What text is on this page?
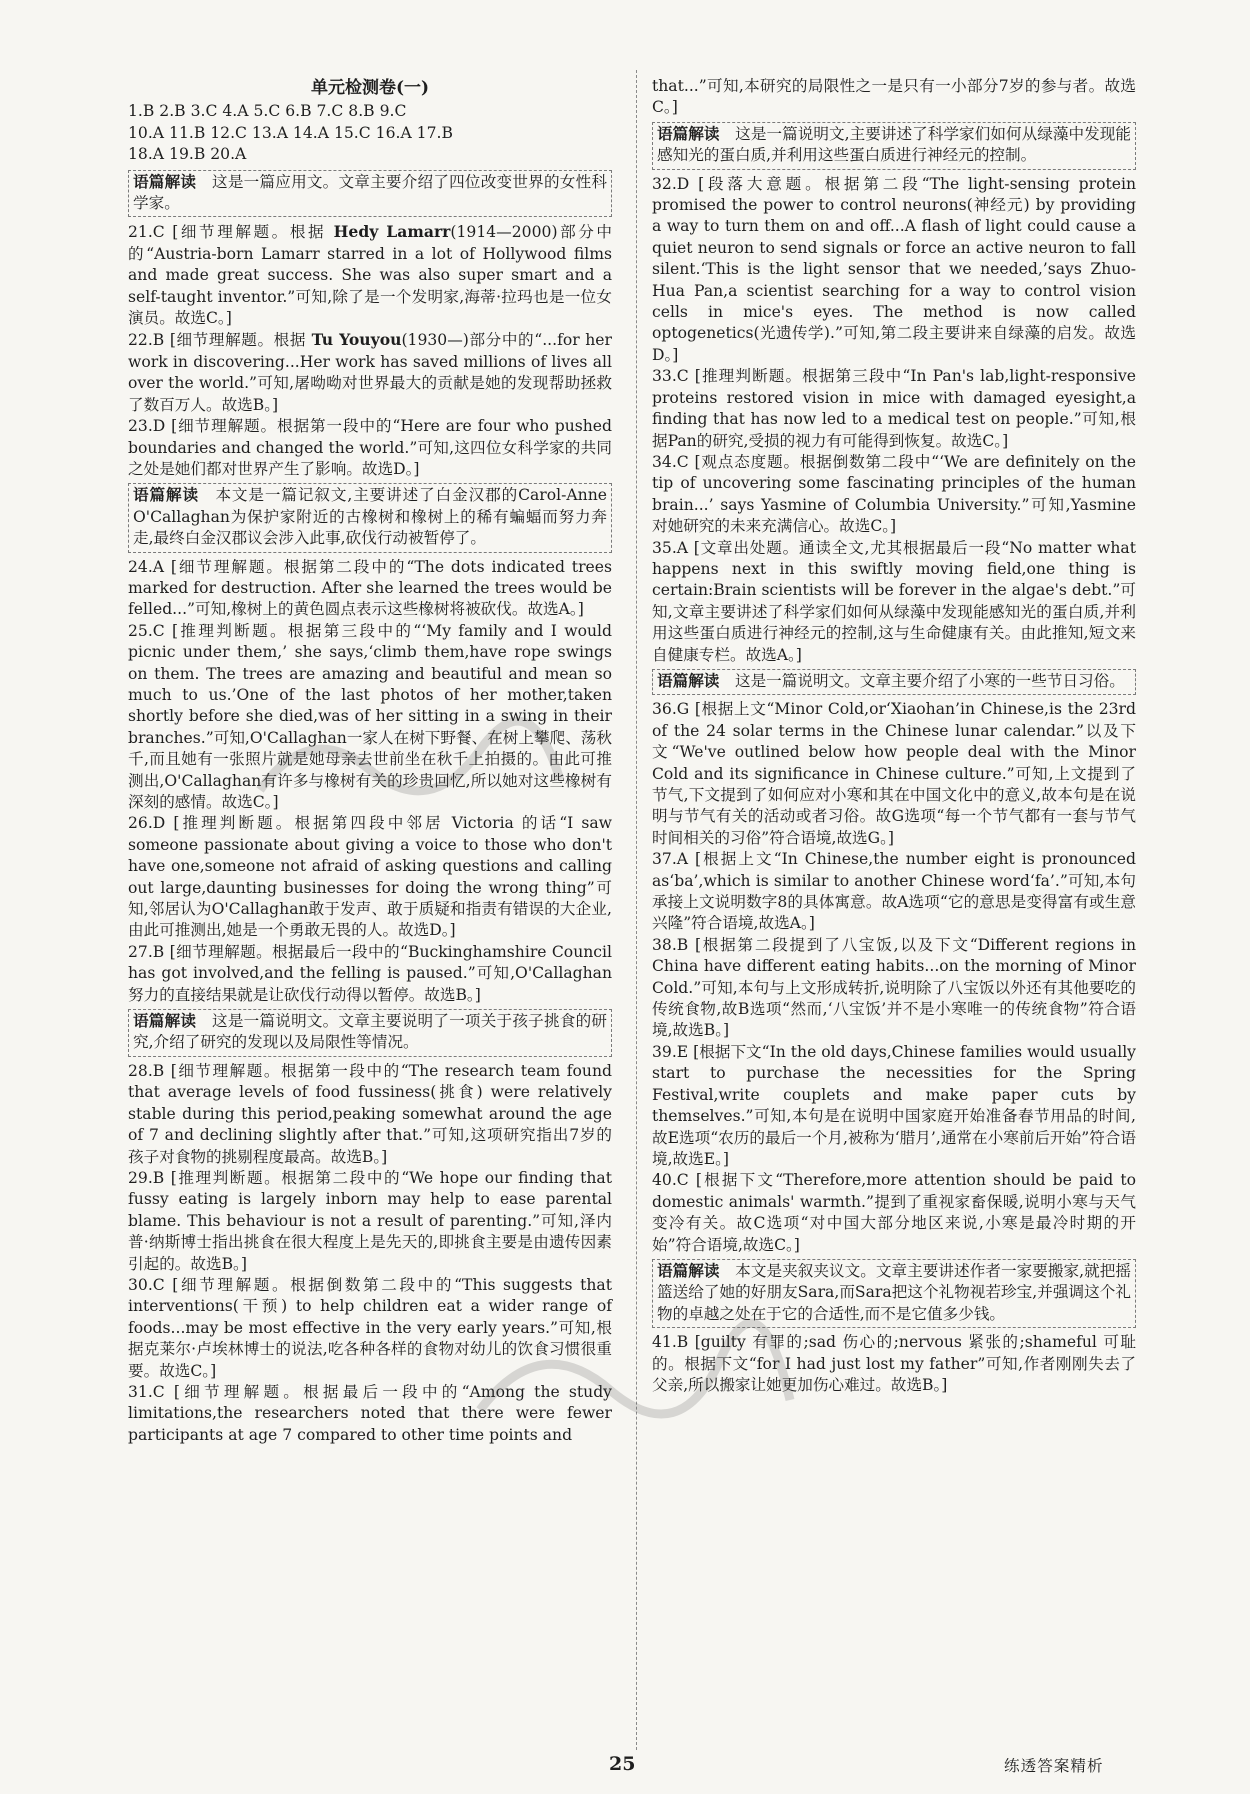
单元检测卷(一)
1.B 2.B 3.C 4.A 5.C 6.B 7.C 8.B 9.C
10.A 11.B 12.C 13.A 14.A 15.C 16.A 17.B
18.A 19.B 20.A
语篇解读　这是一篇应用文。文章主要介绍了四位改变世界的女性科学家。

21.C [细节理解题。根据 Hedy Lamarr(1914—2000)部分中的“Austria-born Lamarr starred in a lot of Hollywood films and made great success. She was also super smart and a self-taught inventor.”可知,除了是一个发明家,海蒂·拉玛也是一位女演员。故选C。]

22.B [细节理解题。根据 Tu Youyou(1930—)部分中的“...for her work in discovering...Her work has saved millions of lives all over the world.”可知,屠呦呦对世界最大的贡献是她的发现帮助拯救了数百万人。故选B。]

23.D [细节理解题。根据第一段中的“Here are four who pushed boundaries and changed the world.”可知,这四位女科学家的共同之处是她们都对世界产生了影响。故选D。]

语篇解读　本文是一篇记叙文,主要讲述了白金汉郡的Carol-Anne O'Callaghan为保护家附近的古橡树和橡树上的稀有蝙蝠而努力奔走,最终白金汉郡议会涉入此事,砍伐行动被暂停了。

24.A [细节理解题。根据第二段中的“The dots indicated trees marked for destruction. After she learned the trees would be felled...”可知,橡树上的黄色圆点表示这些橡树将被砍伐。故选A。]

25.C [推理判断题。根据第三段中的“‘My family and I would picnic under them,’ she says,‘climb them,have rope swings on them. The trees are amazing and beautiful and mean so much to us.’One of the last photos of her mother,taken shortly before she died,was of her sitting in a swing in their branches.”可知,O'Callaghan一家人在树下野餐、在树上攀爬、荡秋千,而且她有一张照片就是她母亲去世前坐在秋千上拍摄的。由此可推测出,O'Callaghan有许多与橡树有关的珍贵回忆,所以她对这些橡树有深刻的感情。故选C。]

26.D [推理判断题。根据第四段中邻居 Victoria 的话“I saw someone passionate about giving a voice to those who don't have one,someone not afraid of asking questions and calling out large,daunting businesses for doing the wrong thing”可知,邻居认为O'Callaghan敢于发声、敢于质疑和指责有错误的大企业,由此可推测出,她是一个勇敢无畏的人。故选D。]

27.B [细节理解题。根据最后一段中的“Buckinghamshire Council has got involved,and the felling is paused.”可知,O'Callaghan努力的直接结果就是让砍伐行动得以暂停。故选B。]

语篇解读　这是一篇说明文。文章主要说明了一项关于孩子挑食的研究,介绍了研究的发现以及局限性等情况。

28.B [细节理解题。根据第一段中的“The research team found that average levels of food fussiness(挑食) were relatively stable during this period,peaking somewhat around the age of 7 and declining slightly after that.”可知,这项研究指出7岁的孩子对食物的挑剔程度最高。故选B。]

29.B [推理判断题。根据第二段中的“We hope our finding that fussy eating is largely inborn may help to ease parental blame. This behaviour is not a result of parenting.”可知,泽内普·纳斯博士指出挑食在很大程度上是先天的,即挑食主要是由遗传因素引起的。故选B。]

30.C [细节理解题。根据倒数第二段中的“This suggests that interventions(干预) to help children eat a wider range of foods...may be most effective in the very early years.”可知,根据克莱尔·卢埃林博士的说法,吃各种各样的食物对幼儿的饮食习惯很重要。故选C。]

31.C [细节理解题。根据最后一段中的“Among the study limitations,the researchers noted that there were fewer participants at age 7 compared to other time points and

that...”可知,本研究的局限性之一是只有一小部分7岁的参与者。故选C。]

语篇解读　这是一篇说明文,主要讲述了科学家们如何从绿藻中发现能感知光的蛋白质,并利用这些蛋白质进行神经元的控制。

32.D [段落大意题。根据第二段“The light-sensing protein promised the power to control neurons(神经元) by providing a way to turn them on and off...A flash of light could cause a quiet neuron to send signals or force an active neuron to fall silent.‘This is the light sensor that we needed,’says Zhuo-Hua Pan,a scientist searching for a way to control vision cells in mice's eyes. The method is now called optogenetics(光遗传学).”可知,第二段主要讲来自绿藻的启发。故选D。]

33.C [推理判断题。根据第三段中“In Pan's lab,light-responsive proteins restored vision in mice with damaged eyesight,a finding that has now led to a medical test on people.”可知,根据Pan的研究,受损的视力有可能得到恢复。故选C。]

34.C [观点态度题。根据倒数第二段中“‘We are definitely on the tip of uncovering some fascinating principles of the human brain...’ says Yasmine of Columbia University.”可知,Yasmine对她研究的未来充满信心。故选C。]

35.A [文章出处题。通读全文,尤其根据最后一段“No matter what happens next in this swiftly moving field,one thing is certain:Brain scientists will be forever in the algae's debt.”可知,文章主要讲述了科学家们如何从绿藻中发现能感知光的蛋白质,并利用这些蛋白质进行神经元的控制,这与生命健康有关。由此推知,短文来自健康专栏。故选A。]

语篇解读　这是一篇说明文。文章主要介绍了小寒的一些节日习俗。

36.G [根据上文“Minor Cold,or‘Xiaohan’in Chinese,is the 23rd of the 24 solar terms in the Chinese lunar calendar.”以及下文“We've outlined below how people deal with the Minor Cold and its significance in Chinese culture.”可知,上文提到了节气,下文提到了如何应对小寒和其在中国文化中的意义,故本句是在说明与节气有关的活动或者习俗。故G选项“每一个节气都有一套与节气时间相关的习俗”符合语境,故选G。]

37.A [根据上文“In Chinese,the number eight is pronounced as‘ba’,which is similar to another Chinese word‘fa’.”可知,本句承接上文说明数字8的具体寓意。故A选项“它的意思是变得富有或生意兴隆”符合语境,故选A。]

38.B [根据第二段提到了八宝饭,以及下文“Different regions in China have different eating habits...on the morning of Minor Cold.”可知,本句与上文形成转折,说明除了八宝饭以外还有其他要吃的传统食物,故B选项“然而,‘八宝饭’并不是小寒唯一的传统食物”符合语境,故选B。]

39.E [根据下文“In the old days,Chinese families would usually start to purchase the necessities for the Spring Festival,write couplets and make paper cuts by themselves.”可知,本句是在说明中国家庭开始准备春节用品的时间,故E选项“农历的最后一个月,被称为‘腊月’,通常在小寒前后开始”符合语境,故选E。]

40.C [根据下文“Therefore,more attention should be paid to domestic animals' warmth.”提到了重视家畜保暖,说明小寒与天气变冷有关。故C选项“对中国大部分地区来说,小寒是最冷时期的开始”符合语境,故选C。]

语篇解读　本文是夹叙夹议文。文章主要讲述作者一家要搬家,就把摇篮送给了她的好朋友Sara,而Sara把这个礼物视若珍宝,并强调这个礼物的卓越之处在于它的合适性,而不是它值多少钱。

41.B [guilty 有罪的;sad 伤心的;nervous 紧张的;shameful 可耻的。根据下文“for I had just lost my father”可知,作者刚刚失去了父亲,所以搬家让她更加伤心难过。故选B。]

25	练透答案精析
